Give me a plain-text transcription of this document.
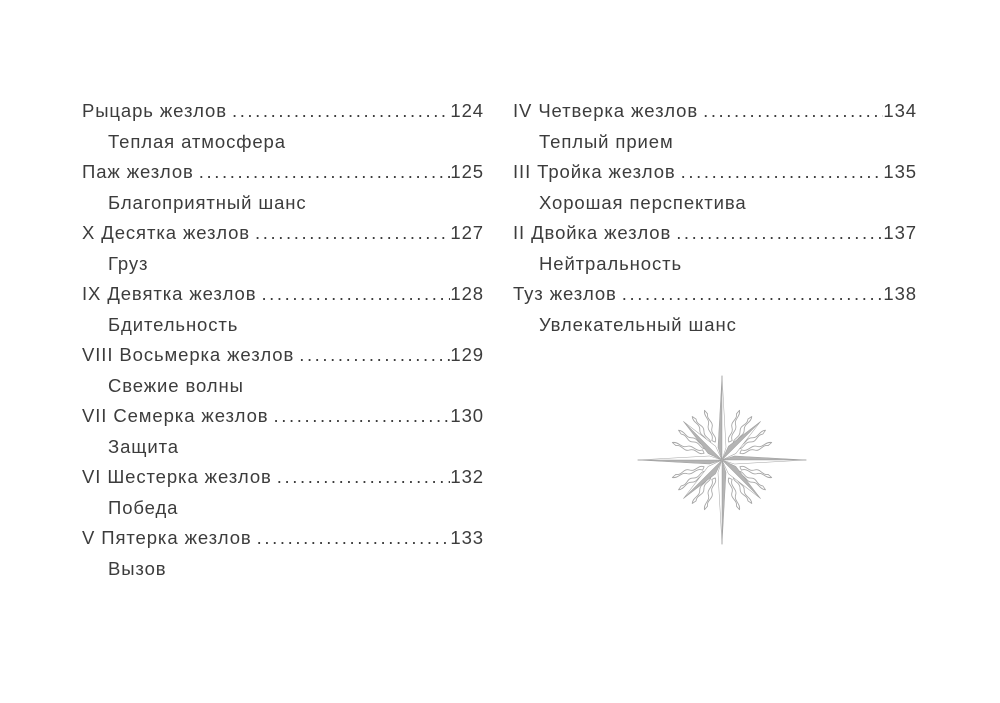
Рыцарь жезлов .....	124
Теплая атмосфера
Паж жезлов .....	125
Благоприятный шанс
X Десятка жезлов .....	127
Груз
IX Девятка жезлов .....	128
Бдительность
VIII Восьмерка жезлов .....	129
Свежие волны
VII Семерка жезлов .....	130
Защита
VI Шестерка жезлов .....	132
Победа
V Пятерка жезлов .....	133
Вызов
IV Четверка жезлов .....	134
Теплый прием
III Тройка жезлов .....	135
Хорошая перспектива
II Двойка жезлов .....	137
Нейтральность
Туз жезлов .....	138
Увлекательный шанс
